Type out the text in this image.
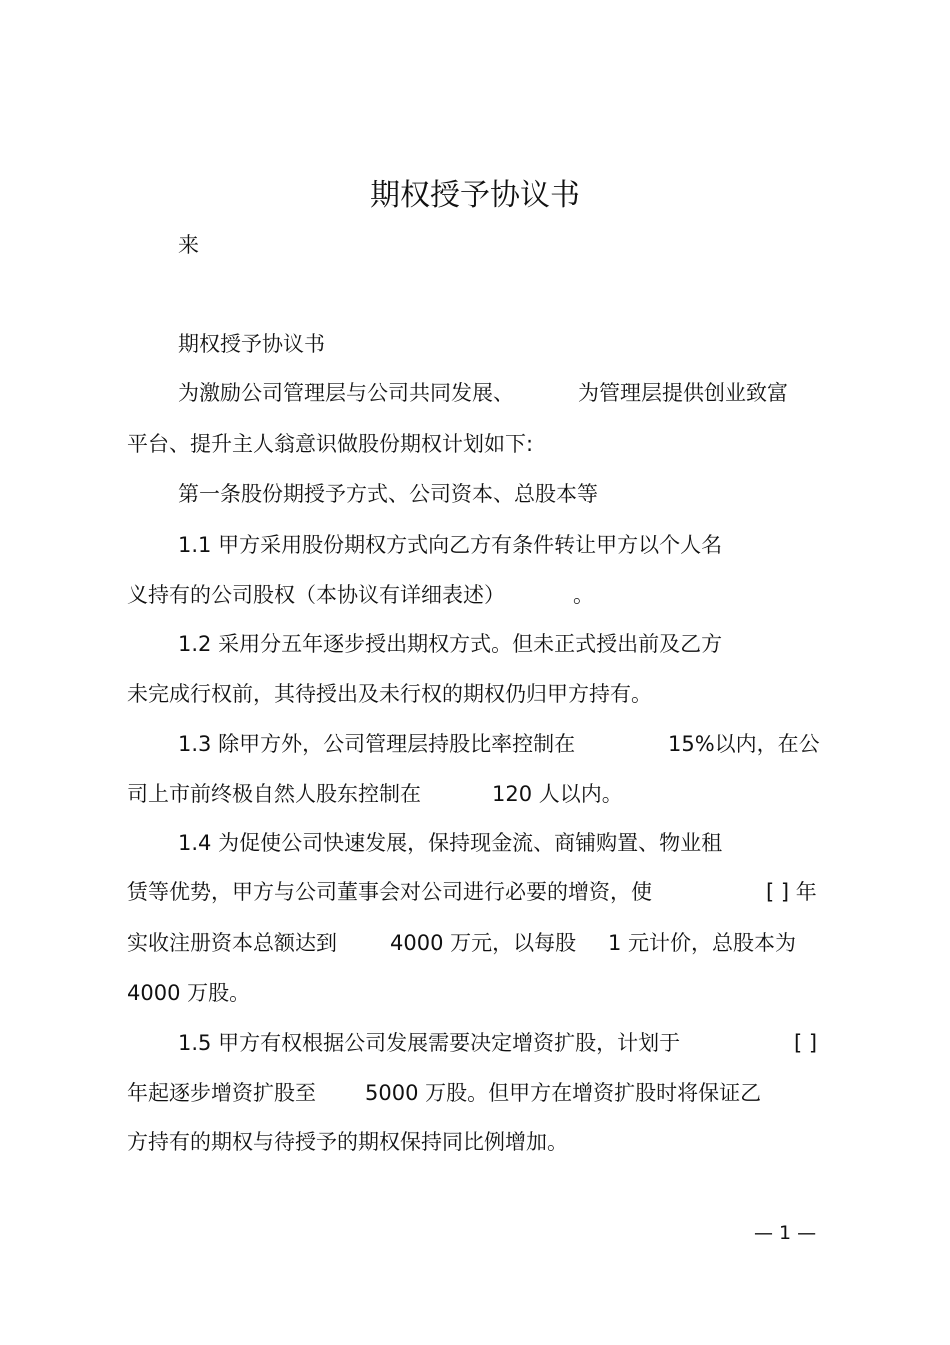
期权授予协议书
来
期权授予协议书
为激励公司管理层与公司共同发展、	为管理层提供创业致富
平台、提升主人翁意识做股份期权计划如下:
第一条股份期授予方式、公司资本、总股本等
1.1 甲方采用股份期权方式向乙方有条件转让甲方以个人名
义持有的公司股权（本协议有详细表述）	。
1.2 采用分五年逐步授出期权方式。但未正式授出前及乙方
未完成行权前，其待授出及未行权的期权仍归甲方持有。
1.3 除甲方外，公司管理层持股比率控制在	15%以内，在公
司上市前终极自然人股东控制在	120 人以内。
1.4 为促使公司快速发展，保持现金流、商铺购置、物业租
赁等优势，甲方与公司董事会对公司进行必要的增资，使	[ ] 年
实收注册资本总额达到	4000 万元，以每股 1 元计价，总股本为
4000 万股。
1.5 甲方有权根据公司发展需要决定增资扩股，计划于	[ ]
年起逐步增资扩股至 5000 万股。但甲方在增资扩股时将保证乙
方持有的期权与待授予的期权保持同比例增加。
— 1 —
